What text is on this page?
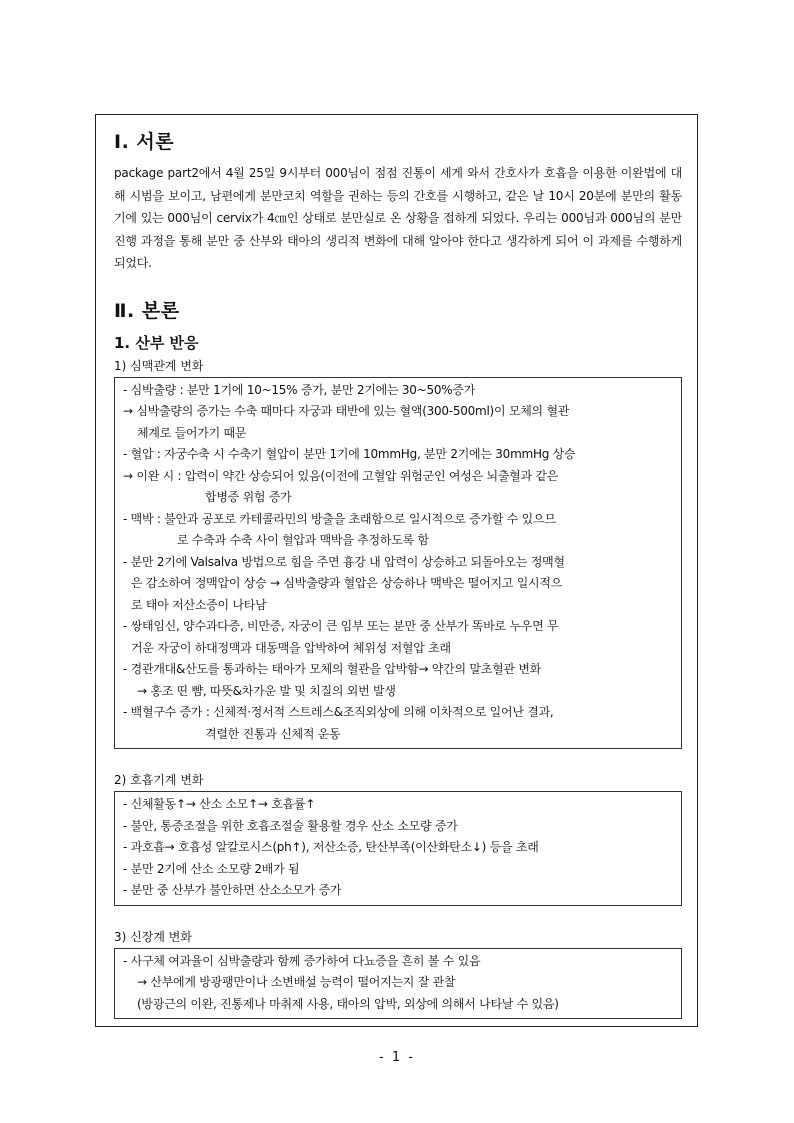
Ⅰ. 서론

package part2에서 4월 25일 9시부터 000님이 점점 진통이 세게 와서 간호사가 호흡을 이용한 이완법에 대해 시범을 보이고, 남편에게 분만코치 역할을 권하는 등의 간호를 시행하고, 같은 날 10시 20분에 분만의 활동기에 있는 000님이 cervix가 4㎝인 상태로 분만실로 온 상황을 접하게 되었다. 우리는 000님과 000님의 분만 진행 과정을 통해 분만 중 산부와 태아의 생리적 변화에 대해 알아야 한다고 생각하게 되어 이 과제를 수행하게 되었다.

Ⅱ. 본론
1. 산부 반응
1) 심맥관계 변화
- 심박출량 : 분만 1기에 10~15% 증가, 분만 2기에는 30~50%증가
→ 심박출량의 증가는 수축 때마다 자궁과 태반에 있는 혈액(300-500ml)이 모체의 혈관
체계로 들어가기 때문
- 혈압 : 자궁수축 시 수축기 혈압이 분만 1기에 10mmHg, 분만 2기에는 30mmHg 상승
→ 이완 시 : 압력이 약간 상승되어 있음(이전에 고혈압 위험군인 여성은 뇌출혈과 같은
합병증 위험 증가
- 맥박 : 불안과 공포로 카테콜라민의 방출을 초래함으로 일시적으로 증가할 수 있으므
로 수축과 수축 사이 혈압과 맥박을 추정하도록 함
- 분만 2기에 Valsalva 방법으로 힘을 주면 흉강 내 압력이 상승하고 되돌아오는 정맥혈
은 감소하여 정맥압이 상승 → 심박출량과 혈압은 상승하나 맥박은 떨어지고 일시적으
로 태아 저산소증이 나타남
- 쌍태임신, 양수과다증, 비만증, 자궁이 큰 임부 또는 분만 중 산부가 똑바로 누우면 무
거운 자궁이 하대정맥과 대동맥을 압박하여 체위성 저혈압 초래
- 경관개대&산도를 통과하는 태아가 모체의 혈관을 압박함→ 약간의 말초혈관 변화
→ 홍조 띤 뺨, 따뜻&차가운 발 및 치질의 외번 발생
- 백혈구수 증가 : 신체적·정서적 스트레스&조직외상에 의해 이차적으로 일어난 결과,
격렬한 진통과 신체적 운동
2) 호흡기계 변화
- 신체활동↑→ 산소 소모↑→ 호흡률↑
- 불안, 통증조절을 위한 호흡조절술 활용할 경우 산소 소모량 증가
- 과호흡→ 호흡성 알칼로시스(ph↑), 저산소증, 탄산부족(이산화탄소↓) 등을 초래
- 분만 2기에 산소 소모량 2배가 됨
- 분만 중 산부가 불안하면 산소소모가 증가
3) 신장계 변화
- 사구체 여과율이 심박출량과 함께 증가하여 다뇨증을 흔히 볼 수 있음
→ 산부에게 방광팽만이나 소변배설 능력이 떨어지는지 잘 관찰
(방광근의 이완, 진통제나 마취제 사용, 태아의 압박, 외상에 의해서 나타날 수 있음)
- 1 -
